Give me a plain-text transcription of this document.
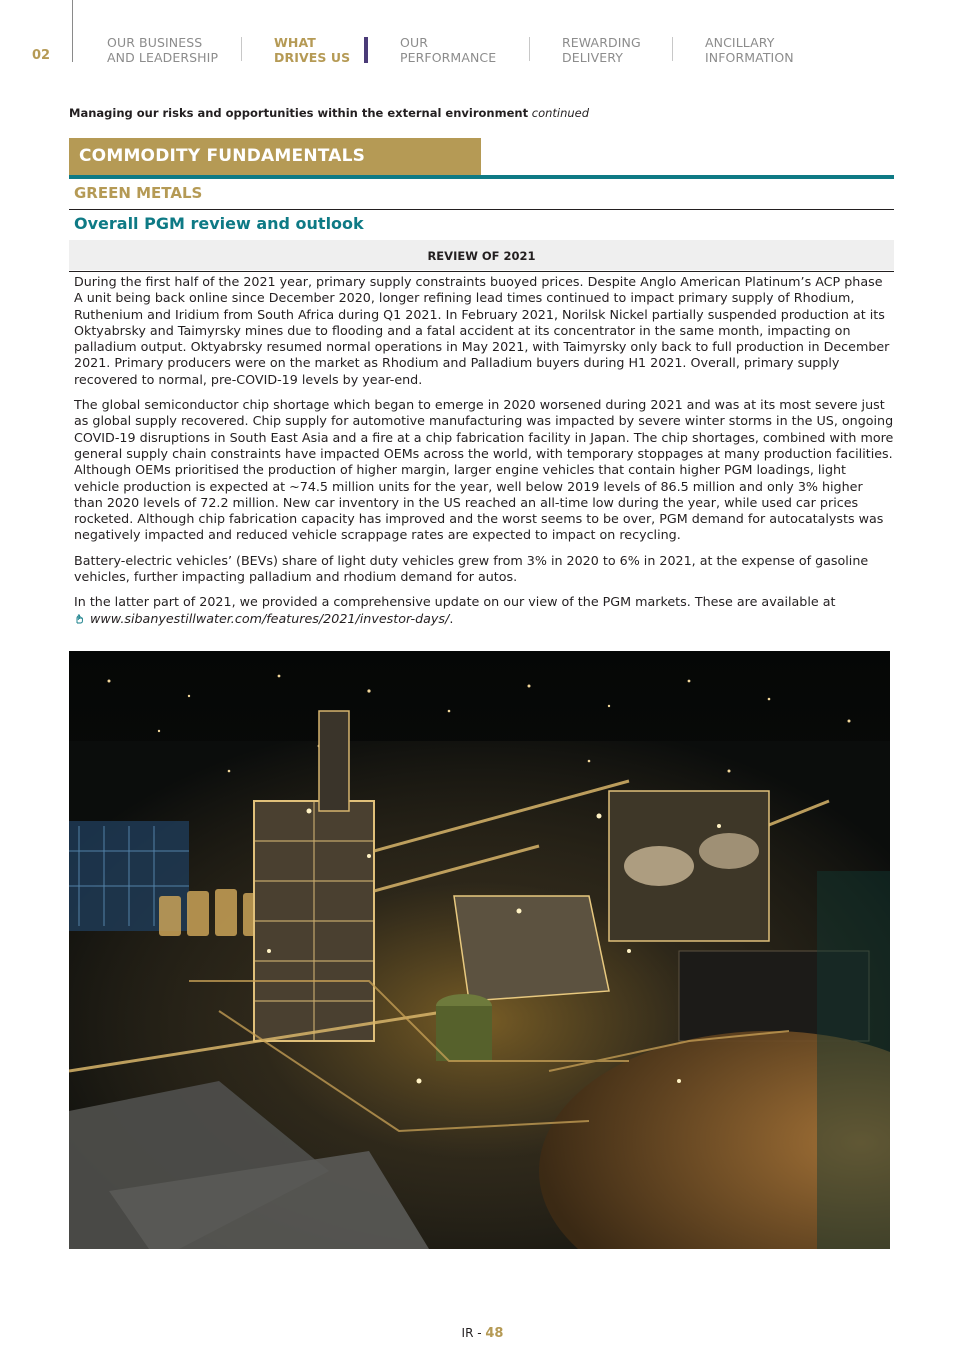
02
OUR BUSINESS
AND LEADERSHIP
WHAT
DRIVES US
OUR
PERFORMANCE
REWARDING
DELIVERY
ANCILLARY
INFORMATION
Managing our risks and opportunities within the external environment continued
COMMODITY FUNDAMENTALS
GREEN METALS
Overall PGM review and outlook
REVIEW OF 2021

During the first half of the 2021 year, primary supply constraints buoyed prices. Despite Anglo American Platinum’s ACP phase A unit being back online since December 2020, longer refining lead times continued to impact primary supply of Rhodium, Ruthenium and Iridium from South Africa during Q1 2021. In February 2021, Norilsk Nickel partially suspended production at its Oktyabrsky and Taimyrsky mines due to flooding and a fatal accident at its concentrator in the same month, impacting on palladium output. Oktyabrsky resumed normal operations in May 2021, with Taimyrsky only back to full production in December 2021. Primary producers were on the market as Rhodium and Palladium buyers during H1 2021. Overall, primary supply recovered to normal, pre-COVID-19 levels by year-end.

The global semiconductor chip shortage which began to emerge in 2020 worsened during 2021 and was at its most severe just as global supply recovered. Chip supply for automotive manufacturing was impacted by severe winter storms in the US, ongoing COVID-19 disruptions in South East Asia and a fire at a chip fabrication facility in Japan. The chip shortages, combined with more general supply chain constraints have impacted OEMs across the world, with temporary stoppages at many production facilities. Although OEMs prioritised the production of higher margin, larger engine vehicles that contain higher PGM loadings, light vehicle production is expected at ~74.5 million units for the year, well below 2019 levels of 86.5 million and only 3% higher than 2020 levels of 72.2 million. New car inventory in the US reached an all-time low during the year, while used car prices rocketed. Although chip fabrication capacity has improved and the worst seems to be over, PGM demand for autocatalysts was negatively impacted and reduced vehicle scrappage rates are expected to impact on recycling.

Battery-electric vehicles’ (BEVs) share of light duty vehicles grew from 3% in 2020 to 6% in 2021, at the expense of gasoline vehicles, further impacting palladium and rhodium demand for autos.

In the latter part of 2021, we provided a comprehensive update on our view of the PGM markets. These are available at
www.sibanyestillwater.com/features/2021/investor-days/.

IR - 48
